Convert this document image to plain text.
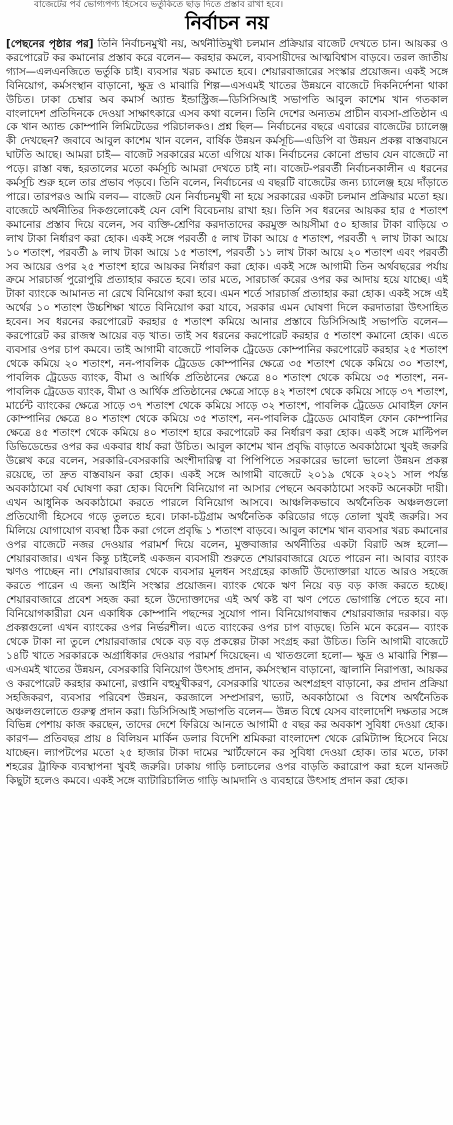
বাজেটের পর্ব ভোগ্যপণ্য হিসেবে ভর্তুকিতে ছাড় দিতে প্রস্তাব রাখা হবে।
নির্বাচন নয়

[পেছনের পৃষ্ঠার পর] তিনি নির্বাচনমুখী নয়, অর্থনীতিমুখী চলমান প্রক্রিয়ার বাজেট দেখতে চান। আয়কর ও করপোরেট কর কমানোর প্রস্তাব করে বলেন— করহার কমলে, ব্যবসায়ীদের আত্মবিশ্বাস বাড়বে। তরল জাতীয় গ্যাস—এলএনজিতে ভর্তুকি চাই। ব্যবসার খরচ কমাতে হবে। শেয়ারবাজারের সংস্কার প্রয়োজন। একই সঙ্গে বিনিয়োগ, কর্মসংস্থান বাড়ানো, ক্ষুদ্র ও মাঝারি শিল্প—এসএমই খাতের উন্নয়নে বাজেটে দিকনির্দেশনা থাকা উচিত। ঢাকা চেম্বার অব কমার্স অ্যান্ড ইন্ডাস্ট্রিজ—ডিসিসিআই সভাপতি আবুল কাশেম খান গতকাল বাংলাদেশ প্রতিদিনকে দেওয়া সাক্ষাৎকারে এসব কথা বলেন। তিনি দেশের অন্যতম প্রাচীন ব্যবসা-প্রতিষ্ঠান এ কে খান অ্যান্ড কোম্পানি লিমিটেডের পরিচালকও। প্রশ্ন ছিল— নির্বাচনের বছরে এবারের বাজেটের চ্যালেঞ্জ কী দেখছেন? জবাবে আবুল কাশেম খান বলেন, বার্ষিক উন্নয়ন কর্মসূচি—এডিপি বা উন্নয়ন প্রকল্প বাস্তবায়নে ঘাটতি আছে। আমরা চাই— বাজেট সরকারের মতো এগিয়ে যাক। নির্বাচনের কোনো প্রভাব যেন বাজেটে না পড়ে। রাস্তা বন্ধ, হরতালের মতো কর্মসূচি আমরা দেখতে চাই না। বাজেট-পরবর্তী নির্বাচনকালীন এ ধরনের কর্মসূচি শুরু হলে তার প্রভাব পড়বে। তিনি বলেন, নির্বাচনের এ বছরটি বাজেটের জন্য চ্যালেঞ্জ হয়ে দাঁড়াতে পারে। তারপরও আমি বলব— বাজেট যেন নির্বাচনমুখী না হয়ে সরকারের একটা চলমান প্রক্রিয়ার মতো হয়। বাজেটে অর্থনীতির দিকগুলোকেই যেন বেশি বিবেচনায় রাখা হয়। তিনি সব ধরনের আয়কর হার ৫ শতাংশ কমানোর প্রস্তাব দিয়ে বলেন, সব ব্যক্তি-শ্রেণির করদাতাদের করমুক্ত আয়সীমা ৫০ হাজার টাকা বাড়িয়ে ৩ লাখ টাকা নির্ধারণ করা হোক। একই সঙ্গে পরবর্তী ৫ লাখ টাকা আয়ে ৫ শতাংশ, পরবর্তী ৭ লাখ টাকা আয়ে ১০ শতাংশ, পরবর্তী ৯ লাখ টাকা আয়ে ১৫ শতাংশ, পরবর্তী ১১ লাখ টাকা আয়ে ২০ শতাংশ এবং পরবর্তী সব আয়ের ওপর ২৫ শতাংশ হারে আয়কর নির্ধারণ করা হোক। একই সঙ্গে আগামী তিন অর্থবছরের পর্যায় ক্রমে সারচার্জ পুরোপুরি প্রত্যাহার করতে হবে। তার মতে, সারচার্জ করের ওপর কর আদায় হয়ে যাচ্ছে। এই টাকা ব্যাংকে আমানত না রেখে বিনিয়োগ করা হবে। এমন শর্তে সারচার্জ প্রত্যাহার করা হোক। একই সঙ্গে এই অর্থের ১০ শতাংশ উচ্চশিক্ষা খাতে বিনিয়োগ করা যাবে, সরকার এমন ঘোষণা দিলে করদাতারা উৎসাহিত হবেন। সব ধরনের করপোরেট করহার ৫ শতাংশ কমিয়ে আনার প্রস্তাবে ডিসিসিআই সভাপতি বলেন— করপোরেট কর রাজস্ব আয়ের বড় খাত। তাই সব ধরনের করপোরেট করহার ৫ শতাংশ কমানো হোক। এতে ব্যবসার ওপর চাপ কমবে। তাই আগামী বাজেটে পাবলিক ট্রেডেড কোম্পানির করপোরেট করহার ২৫ শতাংশ থেকে কমিয়ে ২০ শতাংশ, নন-পাবলিক ট্রেডেড কোম্পানির ক্ষেত্রে ৩৫ শতাংশ থেকে কমিয়ে ৩০ শতাংশ, পাবলিক ট্রেডেড ব্যাংক, বীমা ও আর্থিক প্রতিষ্ঠানের ক্ষেত্রে ৪০ শতাংশ থেকে কমিয়ে ৩৫ শতাংশ, নন-পাবলিক ট্রেডেড ব্যাংক, বীমা ও আর্থিক প্রতিষ্ঠানের ক্ষেত্রে সাড়ে ৪২ শতাংশ থেকে কমিয়ে সাড়ে ৩৭ শতাংশ, মার্চেন্ট ব্যাংকের ক্ষেত্রে সাড়ে ৩৭ শতাংশ থেকে কমিয়ে সাড়ে ৩২ শতাংশ, পাবলিক ট্রেডেড মোবাইল ফোন কোম্পানির ক্ষেত্রে ৪০ শতাংশ থেকে কমিয়ে ৩৫ শতাংশ, নন-পাবলিক ট্রেডেড মোবাইল ফোন কোম্পানির ক্ষেত্রে ৪৫ শতাংশ থেকে কমিয়ে ৪০ শতাংশ হারে করপোরেট কর নির্ধারণ করা হোক। একই সঙ্গে মাল্টিপল ডিভিডেন্ডের ওপর কর একবার ধার্য করা উচিত। আবুল কাশেম খান প্রবৃদ্ধি বাড়াতে অবকাঠামো খুবই জরুরি উল্লেখ করে বলেন, সরকারি-বেসরকারি অংশীদারিত্ব বা পিপিপিতে সরকারের ভালো ভালো উন্নয়ন প্রকল্প রয়েছে, তা দ্রুত বাস্তবায়ন করা হোক। একই সঙ্গে আগামী বাজেটে ২০১৯ থেকে ২০২১ সাল পর্যন্ত অবকাঠামো বর্ষ ঘোষণা করা হোক। বিদেশি বিনিয়োগ না আসার পেছনে অবকাঠামো সংকট অনেকটা দায়ী। এখন আধুনিক অবকাঠামো করতে পারলে বিনিয়োগ আসবে। আঞ্চলিকভাবে অর্থনৈতিক অঞ্চলগুলো প্রতিযোগী হিসেবে গড়ে তুলতে হবে। ঢাকা-চট্টগ্রাম অর্থনৈতিক করিডোর গড়ে তোলা খুবই জরুরি। সব মিলিয়ে যোগাযোগ ব্যবস্থা ঠিক করা গেলে প্রবৃদ্ধি ১ শতাংশ বাড়বে। আবুল কাশেম খান ব্যবসার খরচ কমানোর ওপর বাজেটে নজর দেওয়ার পরামর্শ দিয়ে বলেন, মুক্তবাজার অর্থনীতির একটা বিরাট অঙ্গ হলো— শেয়ারবাজার। এখন কিন্তু চাইলেই একজন ব্যবসায়ী শুরুতে শেয়ারবাজারে যেতে পারেন না। আবার ব্যাংক ঋণও পাচ্ছেন না। শেয়ারবাজার থেকে ব্যবসার মূলধন সংগ্রহের কাজটি উদ্যোক্তারা যাতে আরও সহজে করতে পারেন এ জন্য আইনি সংস্কার প্রয়োজন। ব্যাংক থেকে ঋণ নিয়ে বড় বড় কাজ করতে হচ্ছে। শেয়ারবাজারে প্রবেশ সহজ করা হলে উদ্যোক্তাদের এই অর্থ কষ্ট বা ঋণ পেতে ভোগান্তি পেতে হবে না। বিনিয়োগকারীরা যেন একাধিক কোম্পানি পছন্দের সুযোগ পান। বিনিয়োগবান্ধব শেয়ারবাজার দরকার। বড় প্রকল্পগুলো এখন ব্যাংকের ওপর নির্ভরশীল। এতে ব্যাংকের ওপর চাপ বাড়ছে। তিনি মনে করেন— ব্যাংক থেকে টাকা না তুলে শেয়ারবাজার থেকে বড় বড় প্রকল্পের টাকা সংগ্রহ করা উচিত। তিনি আগামী বাজেটে ১৪টি খাতে সরকারকে অগ্রাধিকার দেওয়ার পরামর্শ দিয়েছেন। এ খাতগুলো হলো— ক্ষুদ্র ও মাঝারি শিল্প—এসএমই খাতের উন্নয়ন, বেসরকারি বিনিয়োগ উৎসাহ প্রদান, কর্মসংস্থান বাড়ানো, জ্বালানি নিরাপত্তা, আয়কর ও করপোরেট করহার কমানো, রপ্তানি বহুমুখীকরণ, বেসরকারি খাতের অংশগ্রহণ বাড়ানো, কর প্রদান প্রক্রিয়া সহজিকরণ, ব্যবসার পরিবেশ উন্নয়ন, করজালে সম্প্রসারণ, ভ্যাট, অবকাঠামো ও বিশেষ অর্থনৈতিক অঞ্চলগুলোতে গুরুত্ব প্রদান করা। ডিসিসিআই সভাপতি বলেন— উন্নত বিশ্বে যেসব বাংলাদেশি দক্ষতার সঙ্গে বিভিন্ন পেশায় কাজ করছেন, তাদের দেশে ফিরিয়ে আনতে আগামী ৫ বছর কর অবকাশ সুবিধা দেওয়া হোক। কারণ— প্রতিবছর প্রায় ৪ বিলিয়ন মার্কিন ডলার বিদেশি শ্রমিকরা বাংলাদেশ থেকে রেমিট্যান্স হিসেবে নিয়ে যাচ্ছেন। ল্যাপটপের মতো ২৫ হাজার টাকা দামের স্মার্টফোনে কর সুবিধা দেওয়া হোক। তার মতে, ঢাকা শহরের ট্রাফিক ব্যবস্থাপনা খুবই জরুরি। ঢাকায় গাড়ি চলাচলের ওপর বাড়তি করারোপ করা হলে যানজট কিছুটা হলেও কমবে। একই সঙ্গে ব্যাটারিচালিত গাড়ি আমদানি ও ব্যবহারে উৎসাহ প্রদান করা হোক।
